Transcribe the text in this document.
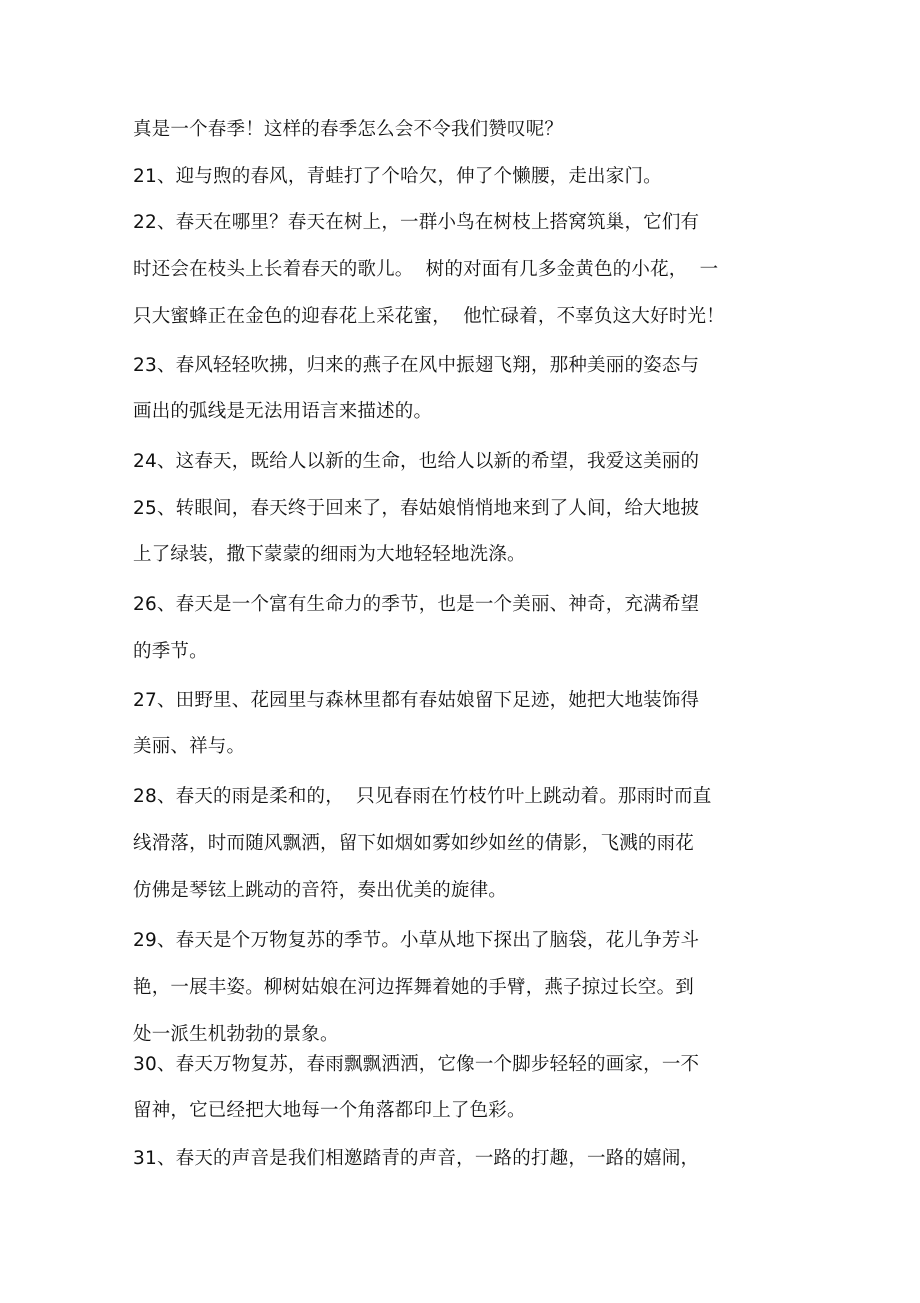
真是一个春季！这样的春季怎么会不令我们赞叹呢？
21、迎与煦的春风，青蛙打了个哈欠，伸了个懒腰，走出家门。
22、春天在哪里？春天在树上，一群小鸟在树枝上搭窝筑巢，它们有
时还会在枝头上长着春天的歌儿。  树的对面有几多金黄色的小花，  一
只大蜜蜂正在金色的迎春花上采花蜜，  他忙碌着，不辜负这大好时光！
23、春风轻轻吹拂，归来的燕子在风中振翅飞翔，那种美丽的姿态与
画出的弧线是无法用语言来描述的。
24、这春天，既给人以新的生命，也给人以新的希望，我爱这美丽的
25、转眼间，春天终于回来了，春姑娘悄悄地来到了人间，给大地披
上了绿装，撒下蒙蒙的细雨为大地轻轻地洗涤。
26、春天是一个富有生命力的季节，也是一个美丽、神奇，充满希望
的季节。
27、田野里、花园里与森林里都有春姑娘留下足迹，她把大地装饰得
美丽、祥与。
28、春天的雨是柔和的，  只见春雨在竹枝竹叶上跳动着。那雨时而直
线滑落，时而随风飘洒，留下如烟如雾如纱如丝的倩影，飞溅的雨花
仿佛是琴铉上跳动的音符，奏出优美的旋律。
29、春天是个万物复苏的季节。小草从地下探出了脑袋，花儿争芳斗
艳，一展丰姿。柳树姑娘在河边挥舞着她的手臂，燕子掠过长空。到
处一派生机勃勃的景象。
30、春天万物复苏，春雨飘飘洒洒，它像一个脚步轻轻的画家，一不
留神，它已经把大地每一个角落都印上了色彩。
31、春天的声音是我们相邀踏青的声音，一路的打趣，一路的嬉闹，
